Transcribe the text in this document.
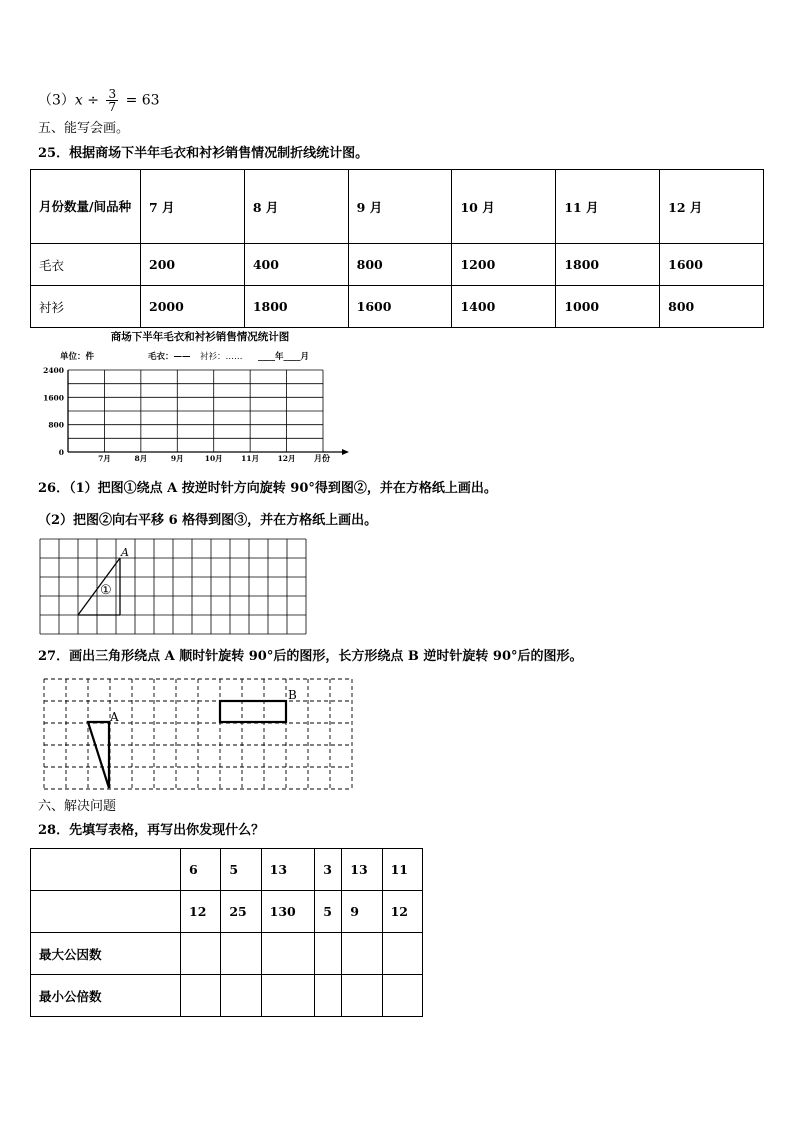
$(3)x \div \frac{3}{7} = 63$
五、能写会画。
25．根据商场下半年毛衣和衬衫销售情况制折线统计图。
月份数量/间品种	7 月	8 月	9 月	10 月	11 月	12 月
毛衣	200	400	800	1200	1800	1600
衬衫	2000	1800	1600	1400	1000	800
商场下半年毛衣和衬衫销售情况统计图
单位：件	毛衣：—— 衬衫：…… ____年____月
2400
1600
800
0
7月	8月	9月	10月 11月 12月 月份
26．（1）把图①绕点 A 按逆时针方向旋转 90°得到图②，并在方格纸上画出。
（2）把图②向右平移 6 格得到图③，并在方格纸上画出。
A
①
27．画出三角形绕点 A 顺时针旋转 90°后的图形，长方形绕点 B 逆时针旋转 90°后的图形。
A
B
六、解决问题
28．先填写表格，再写出你发现什么？
	6	5	13	3	13	11
	12	25	130	5	9	12
最大公因数						
最小公倍数						
